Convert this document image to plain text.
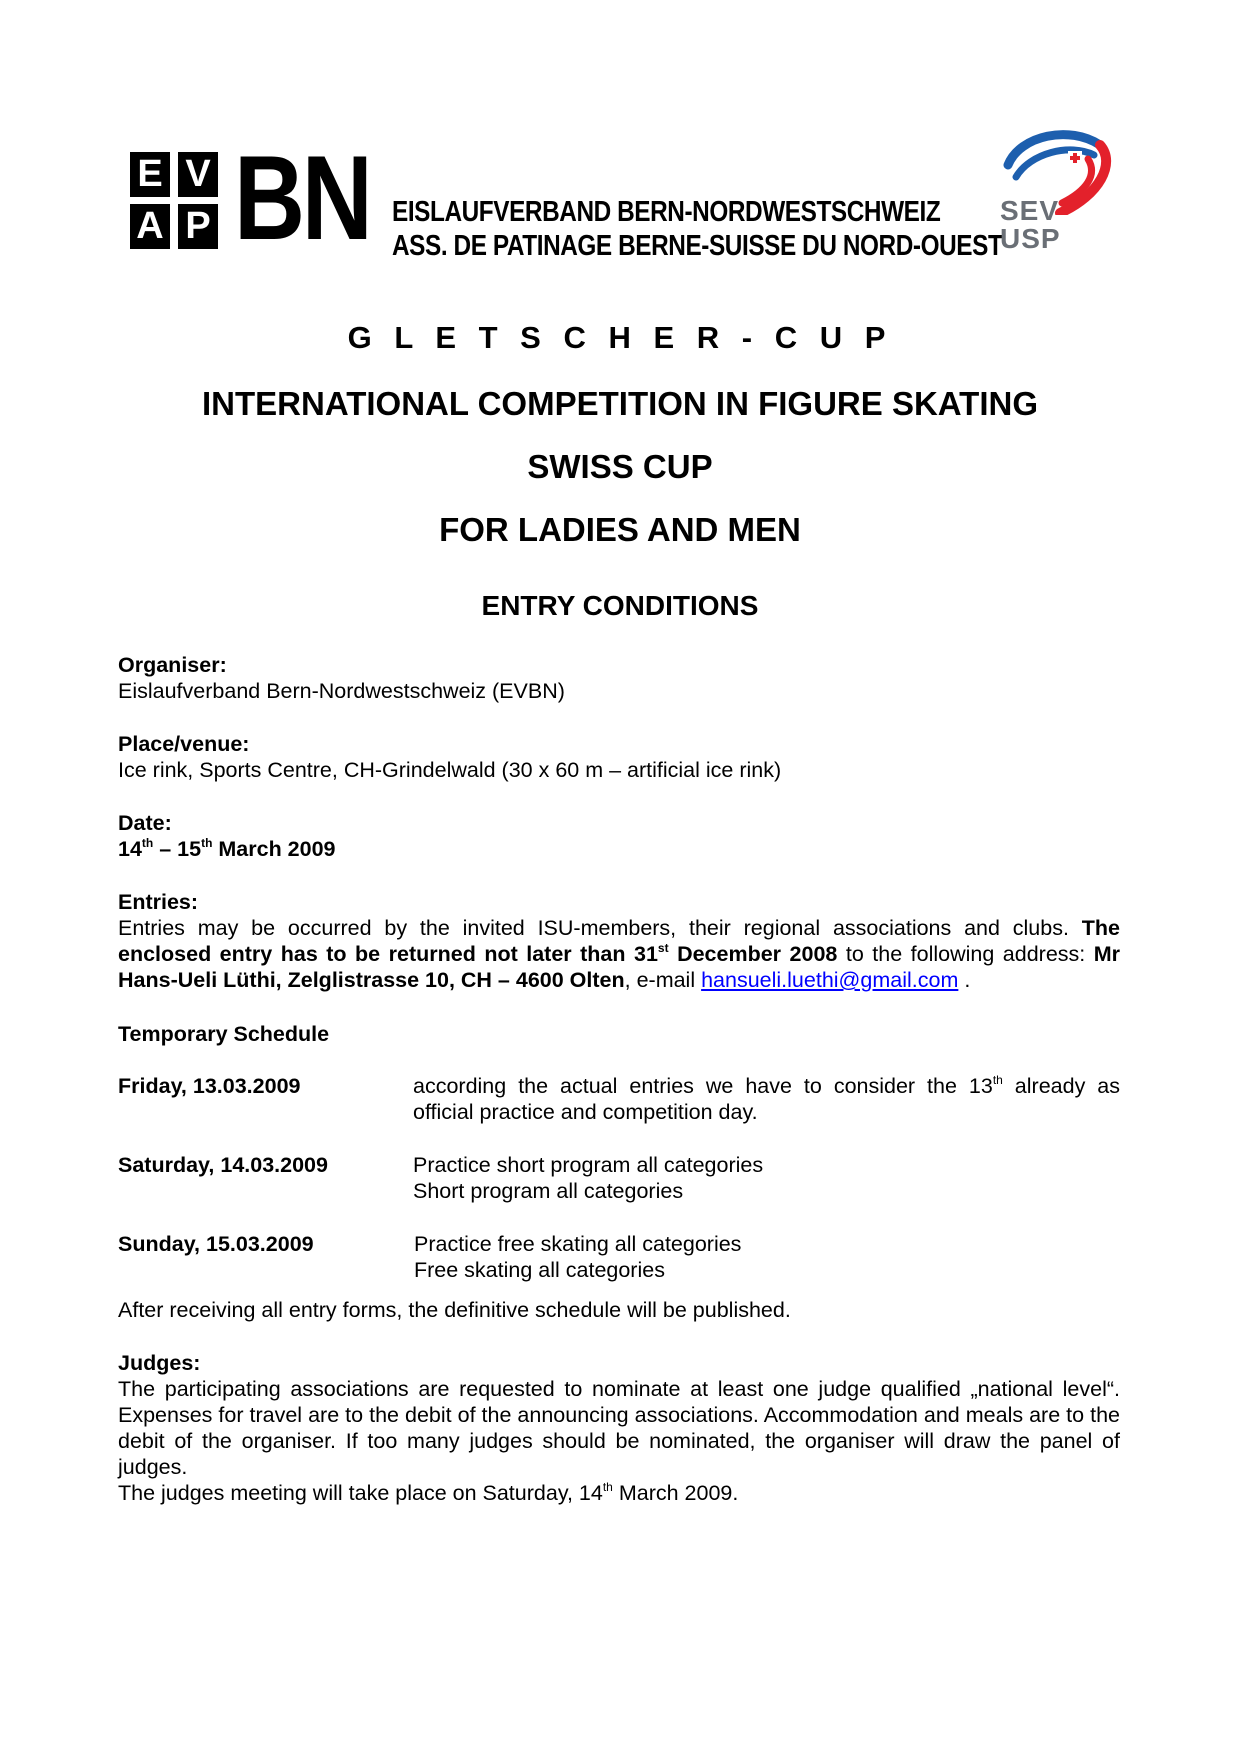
E V
A P BN EISLAUFVERBAND BERN-NORDWESTSCHWEIZ
ASS. DE PATINAGE BERNE-SUISSE DU NORD-OUEST
SEV
USP
G L E T S C H E R - C U P
INTERNATIONAL COMPETITION IN FIGURE SKATING
SWISS CUP
FOR LADIES AND MEN
ENTRY CONDITIONS
Organiser:
Eislaufverband Bern-Nordwestschweiz (EVBN)
Place/venue:
Ice rink, Sports Centre, CH-Grindelwald (30 x 60 m – artificial ice rink)
Date:
14th – 15th March 2009
Entries:
Entries may be occurred by the invited ISU-members, their regional associations and clubs. The enclosed entry has to be returned not later than 31st December 2008 to the following address: Mr Hans-Ueli Lüthi, Zelglistrasse 10, CH – 4600 Olten, e-mail hansueli.luethi@gmail.com .
Temporary Schedule
Friday, 13.03.2009	according the actual entries we have to consider the 13th already as official practice and competition day.
Saturday, 14.03.2009	Practice short program all categories
Short program all categories
Sunday, 15.03.2009	Practice free skating all categories
Free skating all categories
After receiving all entry forms, the definitive schedule will be published.
Judges:
The participating associations are requested to nominate at least one judge qualified „national level“. Expenses for travel are to the debit of the announcing associations. Accommodation and meals are to the debit of the organiser. If too many judges should be nominated, the organiser will draw the panel of judges.
The judges meeting will take place on Saturday, 14th March 2009.
